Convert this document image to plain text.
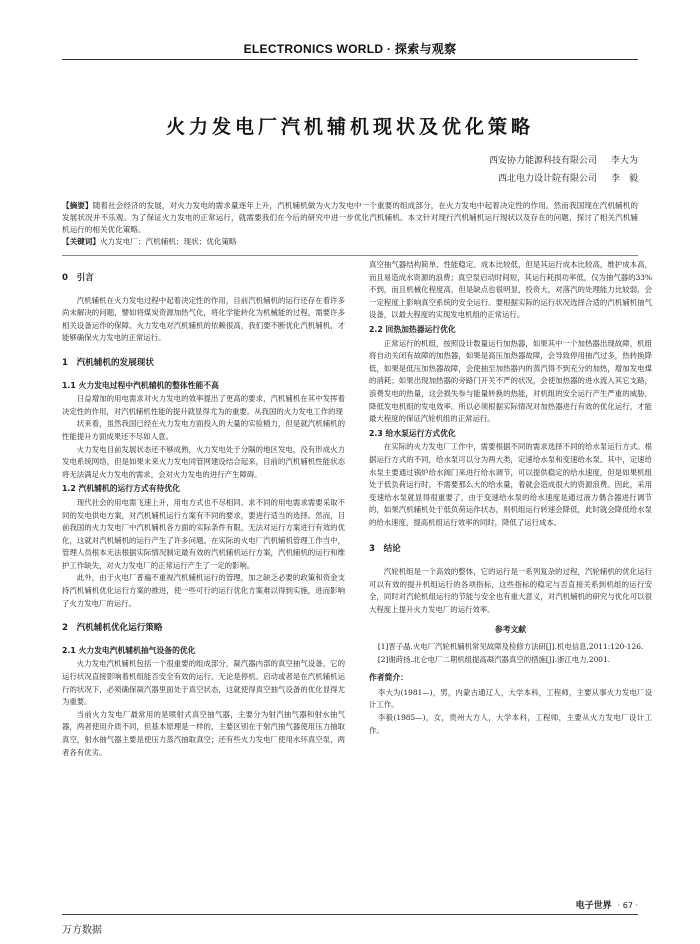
ELECTRONICS WORLD · 探索与观察
火力发电厂汽机辅机现状及优化策略
西安协力能源科技有限公司 李大为
西北电力设计院有限公司 李　毅
【摘要】随着社会经济的发展，对火力发电的需求量逐年上升，汽机辅机做为火力发电中一个重要的组成部分，在火力发电中起着决定性的作用。然而我国现在汽机辅机的发展状况并不乐观。为了保证火力发电的正常运行，就需要我们在今后的研究中进一步优化汽机辅机。本文针对现行汽机辅机运行现状以及存在的问题，探讨了相关汽机辅机运行的相关优化策略。
【关键词】火力发电厂；汽机辅机；现状；优化策略
0　引言

汽机辅机在火力发电过程中起着决定性的作用，目前汽机辅机的运行还存在着许多尚未解决的问题，譬如将煤炭资源加热气化，将化学能转化为机械能的过程，需要许多相关设备运作的保障。火力发电对汽机辅机的依赖很高，我们要不断优化汽机辅机，才能够确保火力发电的正常运行。

1　汽机辅机的发展现状
1.1 火力发电过程中汽机辅机的整体性能不高

日益增加的用电需求对火力发电的效率提出了更高的要求，汽机辅机在其中发挥着决定性的作用，对汽机辅机性能的提升就显得尤为的重要。从我国的火力发电工作的现

状来看，虽然我国已经在火力发电方面投入的大量的实验精力，但是就汽机辅机的性能提升方面成果还不尽如人意。

火力发电目前发展状态还不够成熟，火力发电处于分隔的地区发电，没有形成火力发电系统网络，但是如果未来火力发电同管网建设结合起来，目前的汽机辅机性能状态将无法满足火力发电的需求，会对火力发电的进行产生障碍。

1.2 汽机辅机的运行方式有待优化

现代社会的用电需飞速上升，用电方式也不尽相同。求不同的用电需求需要采取不同的发电供电方案，对汽机辅机运行方案有不同的要求，要进行适当的选择。然而，目前我国的火力发电厂中汽机辅机各方面的实际条件有限，无法对运行方案进行有效的优化，这就对汽机辅机的运行产生了许多问题。在实际的火电厂汽机辅机管理工作当中，管理人员根本无法根据实际情况制定最有效的汽机辅机运行方案，汽机辅机的运行和维护工作缺失，对火力发电厂的正常运行产生了一定的影响。

此外，由于火电厂普遍不重视汽机辅机运行的管理，加之缺乏必要的政策和资金支持汽机辅机优化运行方案的推进，使一些可行的运行优化方案难以得到实施，进而影响了火力发电厂的运行。

2　汽机辅机优化运行策略
2.1 火力发电汽机辅机抽气设备的优化

火力发电汽机辅机包括一个很重要的组成部分，凝汽器内部的真空抽气设备，它的运行状况直接影响着机组能否安全有效的运行。无论是停机、启动或者是在汽机辅机运行的状况下，必须确保凝汽器里面处于真空状态，这就使得真空抽气设备的优化显得尤为重要。

当前火力发电厂最常用的是喷射式真空抽气器，主要分为射汽抽气器和射水抽气器，两者使用介质不同，但基本原理是一样的，主要区别在于射汽抽气器使用压力抽取真空，射水抽气器主要是使压力蒸汽抽取真空；还有些火力发电厂使用水环真空泵，两者各有优劣。

真空抽气器结构简单、性能稳定、成本比较低，但是其运行成本比较高，维护成本高，而且易造成水资源的浪费；真空泵启动时间短，其运行耗损功率低，仅为抽气器的33%不到，而且机械化程度高，但是缺点也很明显，投资大，对落汽的处理能力比较弱，会一定程度上影响真空系统的安全运行。要根据实际的运行状况选择合适的汽机辅机抽气设备，以最大程度的实现发电机组的正常运行。

2.2 回热加热器运行优化

正常运行的机组，按照设计数量运行加热器，如果其中一个加热器出现故障，机组将自动关闭有故障的加热器，如果是高压加热器故障，会导致停用抽汽过多，热转换降低，如果是低压加热器故障，会使抽至加热器内的蒸汽得不到充分的加热，增加发电煤的消耗；如果出现加热器的旁路门开关不严的状况，会使加热器的进水流入其它支路，浪费发电的热量，这会损失参与能量转换的热能，对机组的安全运行产生严重的威胁，降低发电机组的发电效率。所以必须根据实际情况对加热器进行有效的优化运行，才能最大程度的保证汽轮机组的正常运行。

2.3 给水泵运行方式优化

在实际的火力发电厂工作中，需要根据不同的需求选择不同的给水泵运行方式。根据运行方式的不同，给水泵可以分为两大类，定速给水泵和变速给水泵。其中，定速给水泵主要通过锅炉给水阀门来进行给水调节，可以提供稳定的给水速度，但是如果机组处于低负荷运行时，不需要那么大的给水量，着就会造成很大的资源浪费。因此，采用变速给水泵就显得很重要了，由于变速给水泵的给水速度是通过液力偶合器进行调节的，如果汽机辅机处于低负荷运作状态，则机组运行转速会降低，此时就会降低给水泵的给水速度，提高机组运行效率的同时，降低了运行成本。

3　结论

汽轮机组是一个高效的整体，它的运行是一系列复杂的过程，汽轮辅机的优化运行可以有效的提升机组运行的各项指标，这些指标的稳定与否直接关系到机组的运行安全，同时对汽轮机组运行的节能与安全也有重大意义，对汽机辅机的研究与优化可以很大程度上提升火力发电厂的运行效率。

参考文献

[1]晋子晶.火电厂汽轮机辅机常见故障及检修方法研[J].机电信息,2011:120-126.

[2]谢莳扬.北仑电厂二期机组提高凝汽器真空的措施[J].浙江电力,2001.

作者简介：

李大为(1981—)，男，内蒙古通辽人，大学本科，工程师，主要从事火力发电厂设计工作。

李毅(1985—)，女，贵州大方人，大学本科，工程师，主要从火力发电厂设计工作。

电子世界 · 67 ·
万方数据
